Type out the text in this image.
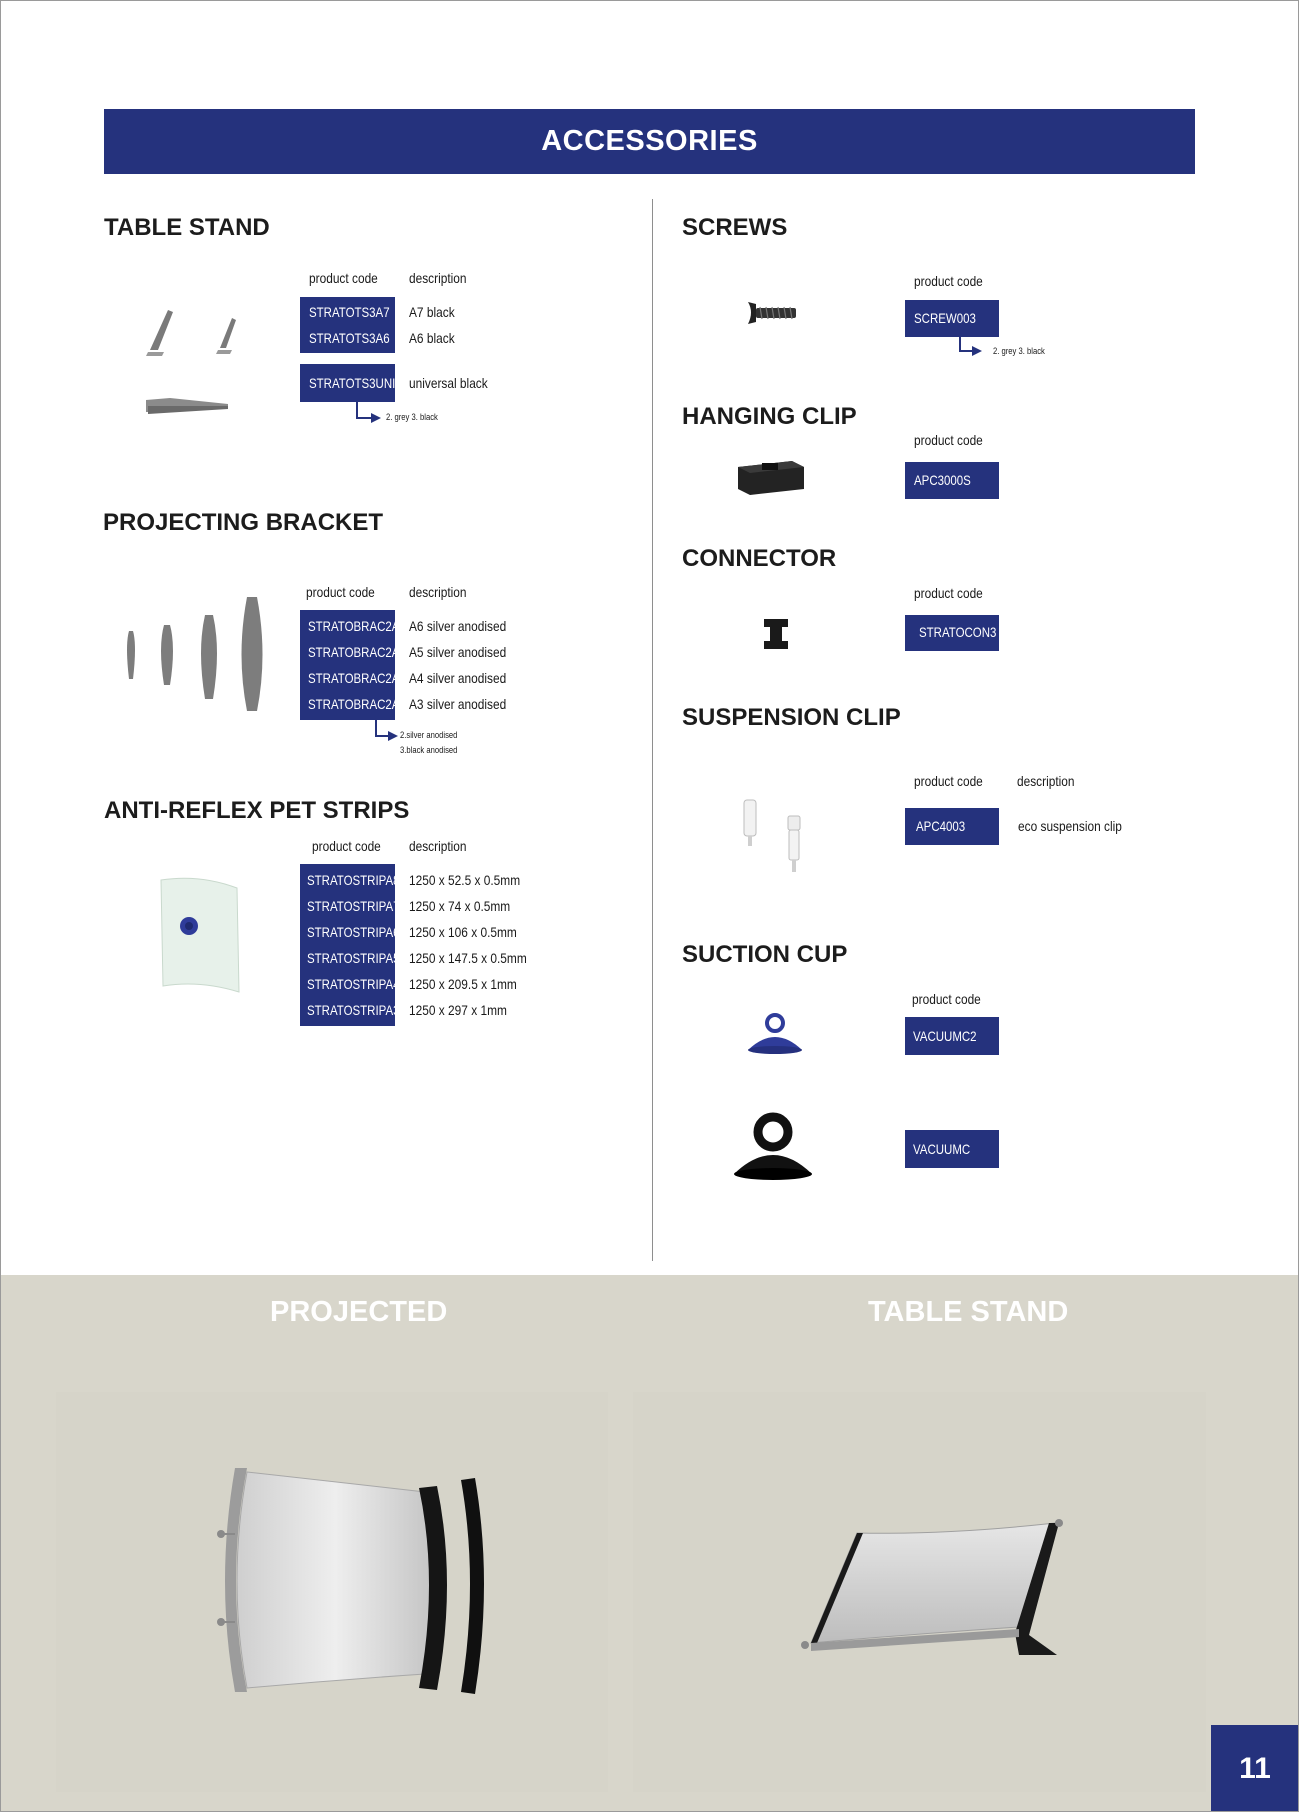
ACCESSORIES
TABLE STAND
product code description
STRATOTS3A7
STRATOTS3A6
A7 black
A6 black
STRATOTS3UNI universal black
2. grey 3. black
PROJECTING BRACKET
product code description
STRATOBRAC2A6
STRATOBRAC2A5
STRATOBRAC2A4
STRATOBRAC2A3
A6 silver anodised
A5 silver anodised
A4 silver anodised
A3 silver anodised
2.silver anodised
3.black anodised
ANTI-REFLEX PET STRIPS
product code description
STRATOSTRIPA8
STRATOSTRIPA7
STRATOSTRIPA6
STRATOSTRIPA5
STRATOSTRIPA4
STRATOSTRIPA3
1250 x 52.5 x 0.5mm
1250 x 74 x 0.5mm
1250 x 106 x 0.5mm
1250 x 147.5 x 0.5mm
1250 x 209.5 x 1mm
1250 x 297 x 1mm
SCREWS
product code
SCREW003
2. grey 3. black
HANGING CLIP
product code
APC3000S
CONNECTOR
product code
STRATOCON3
SUSPENSION CLIP
product code description
APC4003	eco suspension clip
SUCTION CUP
product code
VACUUMC2
VACUUMC
PROJECTED	TABLE STAND
11
